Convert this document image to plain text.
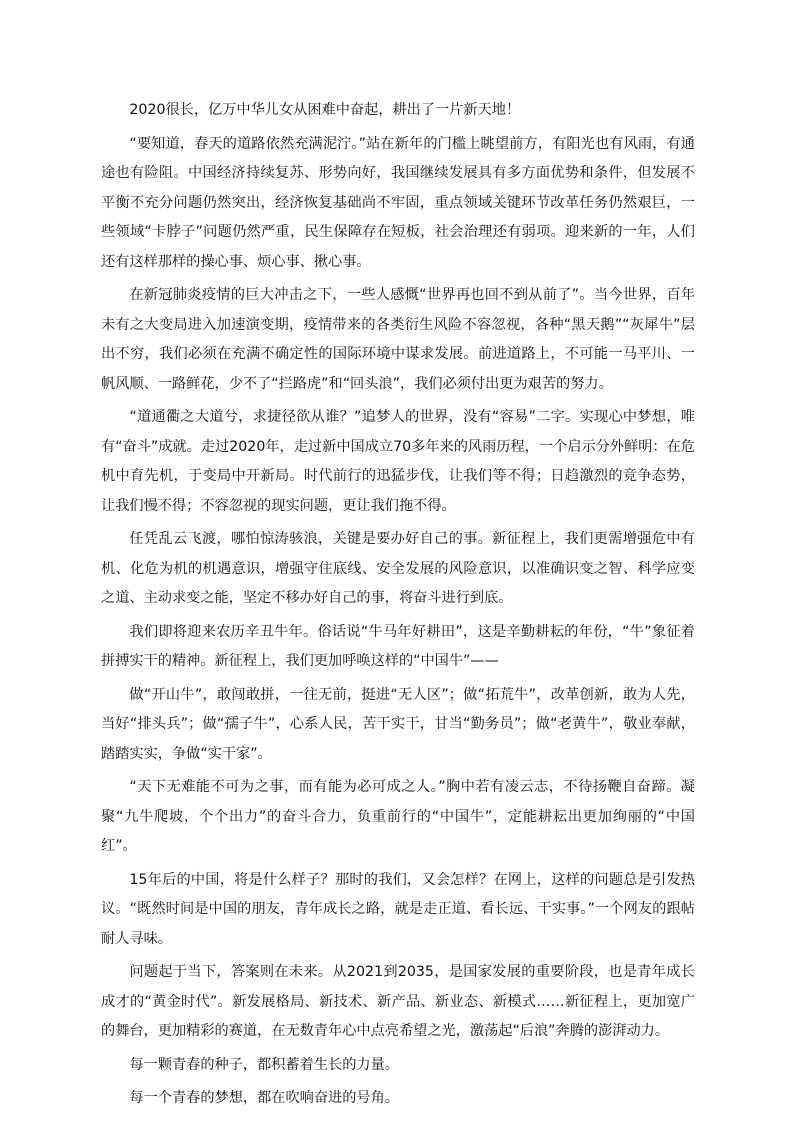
2020很长，亿万中华儿女从困难中奋起，耕出了一片新天地！

“要知道，春天的道路依然充满泥泞。”站在新年的门槛上眺望前方，有阳光也有风雨，有通途也有险阻。中国经济持续复苏、形势向好，我国继续发展具有多方面优势和条件，但发展不平衡不充分问题仍然突出，经济恢复基础尚不牢固，重点领域关键环节改革任务仍然艰巨，一些领域“卡脖子”问题仍然严重，民生保障存在短板，社会治理还有弱项。迎来新的一年，人们还有这样那样的操心事、烦心事、揪心事。

在新冠肺炎疫情的巨大冲击之下，一些人感慨“世界再也回不到从前了”。当今世界，百年未有之大变局进入加速演变期，疫情带来的各类衍生风险不容忽视，各种“黑天鹅”“灰犀牛”层出不穷，我们必须在充满不确定性的国际环境中谋求发展。前进道路上，不可能一马平川、一帆风顺、一路鲜花，少不了“拦路虎”和“回头浪”，我们必须付出更为艰苦的努力。

“道通衢之大道兮，求捷径欲从谁？”追梦人的世界，没有“容易”二字。实现心中梦想，唯有“奋斗”成就。走过2020年，走过新中国成立70多年来的风雨历程，一个启示分外鲜明：在危机中育先机，于变局中开新局。时代前行的迅猛步伐，让我们等不得；日趋激烈的竞争态势，让我们慢不得；不容忽视的现实问题，更让我们拖不得。

任凭乱云飞渡，哪怕惊涛骇浪，关键是要办好自己的事。新征程上，我们更需增强危中有机、化危为机的机遇意识，增强守住底线、安全发展的风险意识，以准确识变之智、科学应变之道、主动求变之能，坚定不移办好自己的事，将奋斗进行到底。

我们即将迎来农历辛丑牛年。俗话说“牛马年好耕田”，这是辛勤耕耘的年份，“牛”象征着拼搏实干的精神。新征程上，我们更加呼唤这样的“中国牛”——

做“开山牛”，敢闯敢拼，一往无前，挺进“无人区”；做“拓荒牛”，改革创新，敢为人先，当好“排头兵”；做“孺子牛”，心系人民，苦干实干，甘当“勤务员”；做“老黄牛”，敬业奉献，踏踏实实，争做“实干家”。

“天下无难能不可为之事，而有能为必可成之人。”胸中若有凌云志，不待扬鞭自奋蹄。凝聚“九牛爬坡，个个出力”的奋斗合力，负重前行的“中国牛”，定能耕耘出更加绚丽的“中国红”。

15年后的中国，将是什么样子？那时的我们，又会怎样？在网上，这样的问题总是引发热议。“既然时间是中国的朋友，青年成长之路，就是走正道、看长远、干实事。”一个网友的跟帖耐人寻味。

问题起于当下，答案则在未来。从2021到2035，是国家发展的重要阶段，也是青年成长成才的“黄金时代”。新发展格局、新技术、新产品、新业态、新模式……新征程上，更加宽广的舞台，更加精彩的赛道，在无数青年心中点亮希望之光，激荡起“后浪”奔腾的澎湃动力。

每一颗青春的种子，都积蓄着生长的力量。

每一个青春的梦想，都在吹响奋进的号角。
